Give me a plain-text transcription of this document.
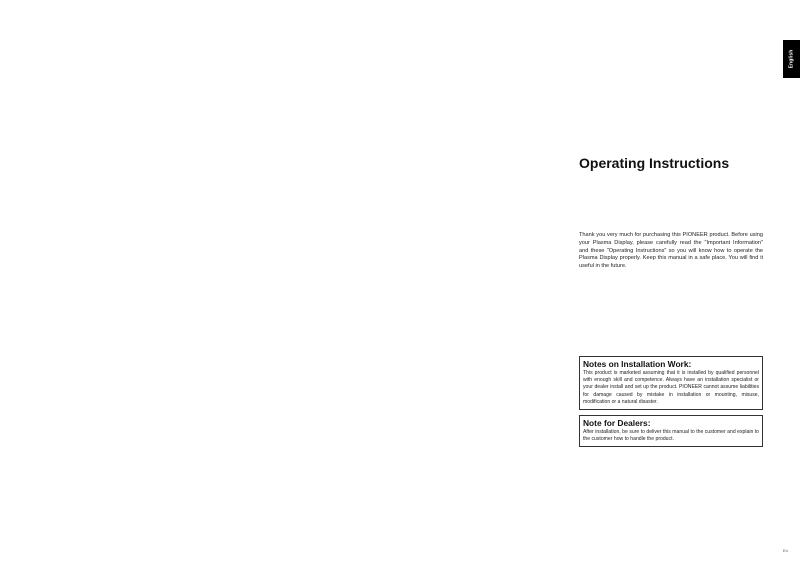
English
Operating Instructions

Thank you very much for purchasing this PIONEER product. Before using your Plasma Display, please carefully read the "Important Information" and these "Operating Instructions" so you will know how to operate the Plasma Display properly. Keep this manual in a safe place. You will find it useful in the future.

Notes on Installation Work:

This product is marketed assuming that it is installed by qualified personnel with enough skill and competence. Always have an installation specialist or your dealer install and set up the product. PIONEER cannot assume liabilities for damage caused by mistake in installation or mounting, misuse, modification or a natural disaster.

Note for Dealers:

After installation, be sure to deliver this manual to the customer and explain to the customer how to handle the product.

En
